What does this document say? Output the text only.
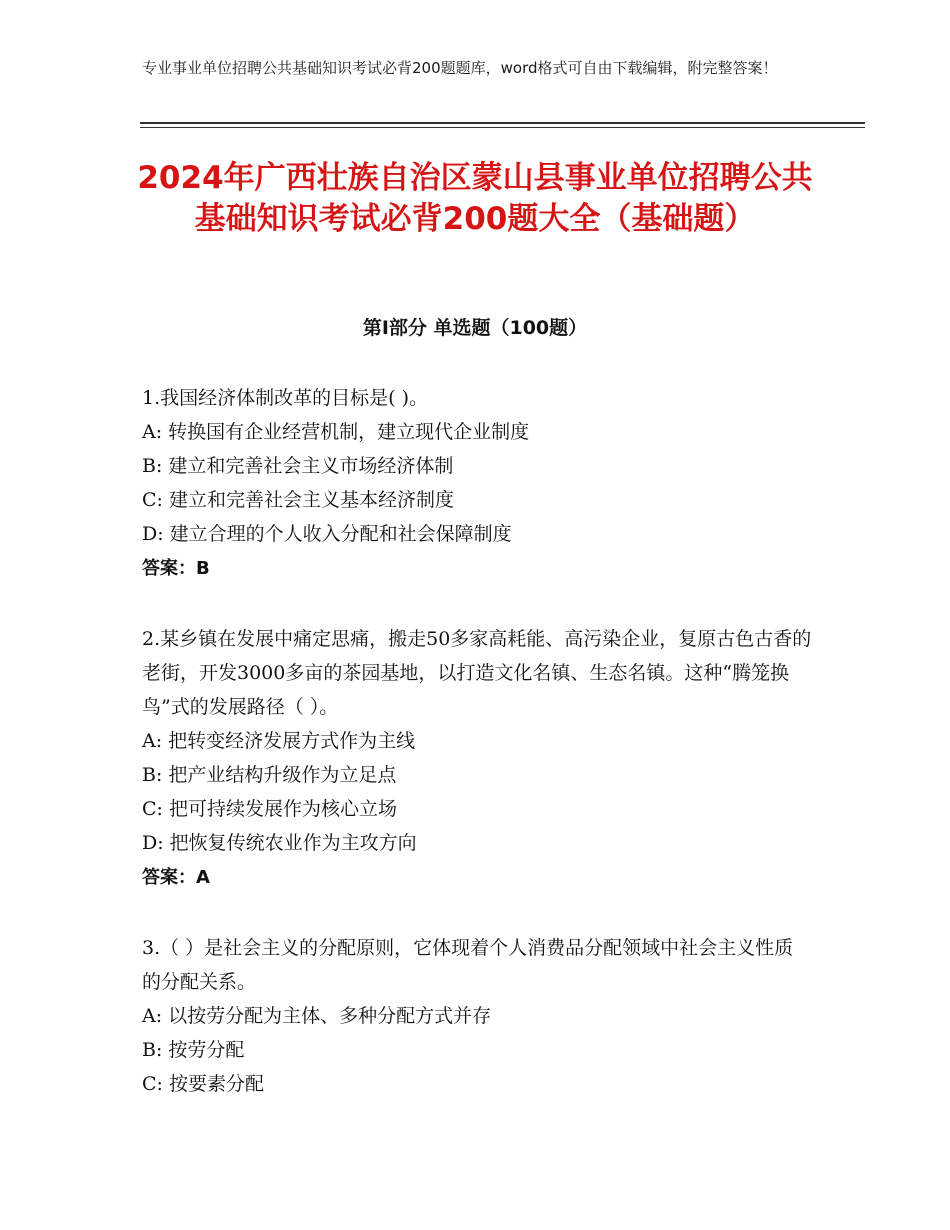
专业事业单位招聘公共基础知识考试必背200题题库，word格式可自由下载编辑，附完整答案！
2024年广西壮族自治区蒙山县事业单位招聘公共基础知识考试必背200题大全（基础题）
第Ⅰ部分 单选题（100题）
1.我国经济体制改革的目标是( )。
A: 转换国有企业经营机制，建立现代企业制度
B: 建立和完善社会主义市场经济体制
C: 建立和完善社会主义基本经济制度
D: 建立合理的个人收入分配和社会保障制度
答案：B
2.某乡镇在发展中痛定思痛，搬走50多家高耗能、高污染企业，复原古色古香的老街，开发3000多亩的茶园基地，以打造文化名镇、生态名镇。这种“腾笼换鸟”式的发展路径（ ）。
A: 把转变经济发展方式作为主线
B: 把产业结构升级作为立足点
C: 把可持续发展作为核心立场
D: 把恢复传统农业作为主攻方向
答案：A
3.（ ）是社会主义的分配原则，它体现着个人消费品分配领域中社会主义性质的分配关系。
A: 以按劳分配为主体、多种分配方式并存
B: 按劳分配
C: 按要素分配
